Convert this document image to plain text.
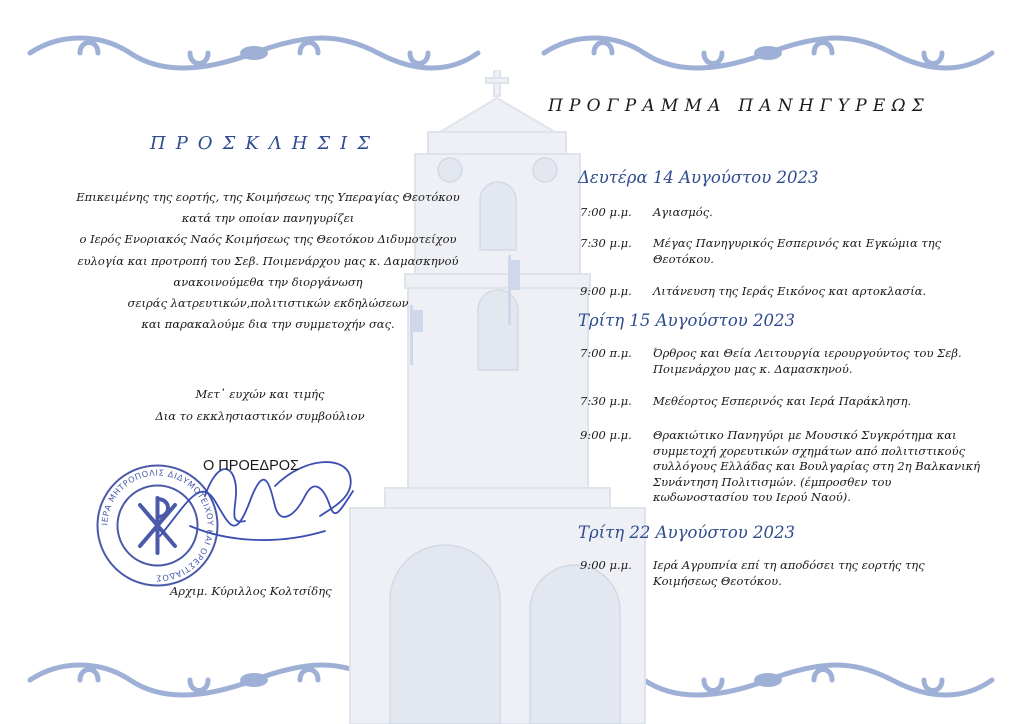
ΠΡΟΣΚΛΗΣΙΣ
Επικειμένης της εορτής, της Κοιμήσεως της Υπεραγίας Θεοτόκου
κατά την οποίαν πανηγυρίζει
ο Ιερός Ενοριακός Ναός Κοιμήσεως της Θεοτόκου Διδυμοτείχου
ευλογία και προτροπή του Σεβ. Ποιμενάρχου μας κ. Δαμασκηνού
ανακοινούμεθα την διοργάνωση
σειράς λατρευτικών,πολιτιστικών εκδηλώσεων
και παρακαλούμε δια την συμμετοχήν σας.
Μετ᾽ ευχών και τιμής
Δια το εκκλησιαστικόν συμβούλιον
ΙΕΡΑ ΜΗΤΡΟΠΟΛΙΣ ΔΙΔΥΜΟΤΕΙΧΟΥ ΚΑΙ ΟΡΕΣΤΙΑΔΟΣ
Ο ΠΡΟΕΔΡΟΣ
Αρχιμ. Κύριλλος Κολτσίδης
ΠΡΟΓΡΑΜΜΑ ΠΑΝΗΓΥΡΕΩΣ
Δευτέρα 14 Αυγούστου 2023
7:00 μ.μ. Αγιασμός.
7:30 μ.μ. Μέγας Πανηγυρικός Εσπερινός και Εγκώμια της Θεοτόκου.
9:00 μ.μ. Λιτάνευση της Ιεράς Εικόνος και αρτοκλασία.
Τρίτη 15 Αυγούστου 2023
7:00 π.μ. Όρθρος και Θεία Λειτουργία ιερουργούντος του Σεβ. Ποιμενάρχου μας κ. Δαμασκηνού.
7:30 μ.μ. Μεθέορτος Εσπερινός και Ιερά Παράκληση.
9:00 μ.μ. Θρακιώτικο Πανηγύρι με Μουσικό Συγκρότημα και συμμετοχή χορευτικών σχημάτων από πολιτιστικούς συλλόγους Ελλάδας και Βουλγαρίας στη 2η Βαλκανική Συνάντηση Πολιτισμών. (έμπροσθεν του κωδωνοστασίου του Ιερού Ναού).
Τρίτη 22 Αυγούστου 2023
9:00 μ.μ. Ιερά Αγρυπνία επί τη αποδόσει της εορτής της Κοιμήσεως Θεοτόκου.
